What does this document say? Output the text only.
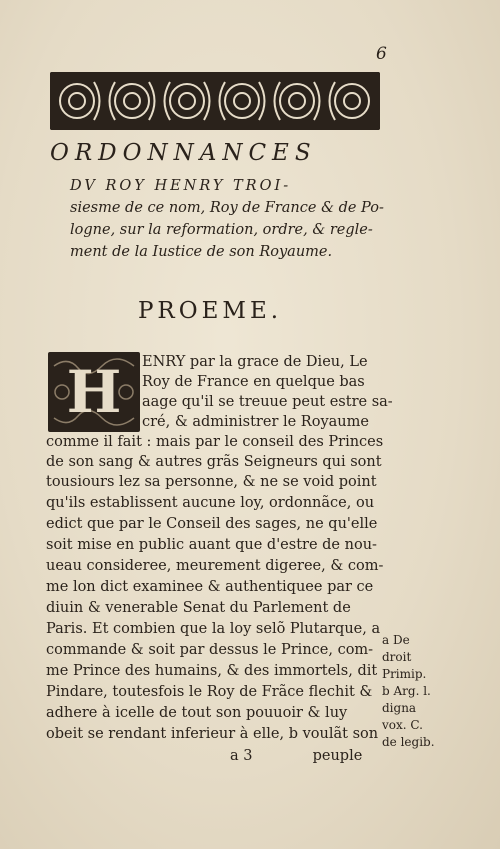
6
ORDONNANCES
DV ROY HENRY TROI-
siesme de ce nom, Roy de France & de Po-
logne, sur la reformation, ordre, & regle-
ment de la Iustice de son Royaume.
PROEME.
H	ENRY par la grace de Dieu, Le
Roy de France en quelque bas
aage qu'il se treuue peut estre sa-
cré, & administrer le Royaume
comme il fait : mais par le conseil des Princes
de son sang & autres grãs Seigneurs qui sont
tousiours lez sa personne, & ne se void point
qu'ils establissent aucune loy, ordonnãce, ou
edict que par le Conseil des sages, ne qu'elle
soit mise en public auant que d'estre de nou-
ueau consideree, meurement digeree, & com-
me lon dict examinee & authentiquee par ce
diuin & venerable Senat du Parlement de
Paris. Et combien que la loy selõ Plutarque, a
commande & soit par dessus le Prince, com-
me Prince des humains, & des immortels, dit
Pindare, toutesfois le Roy de Frãce flechit &
adhere à icelle de tout son pouuoir & luy
obeit se rendant inferieur à elle, b voulãt son
a De
droit
Primip.
b Arg. l.
digna
vox. C.
de legib.
a 3	peuple
